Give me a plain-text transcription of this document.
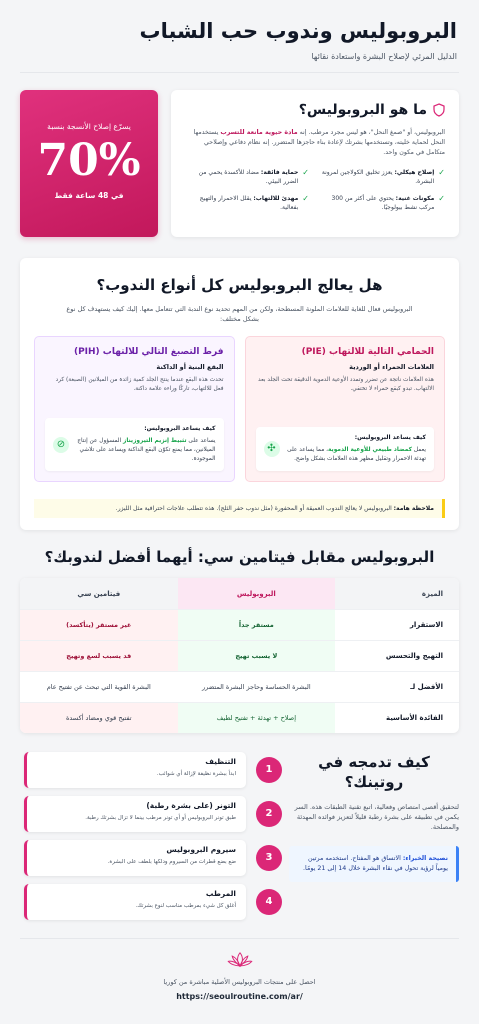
البروبوليس وندوب حب الشباب

الدليل المرئي لإصلاح البشرة واستعادة نقائها

ما هو البروبوليس؟

البروبوليس، أو "صمغ النحل"، هو ليس مجرد مرطب. إنه مادة حيوية مانعة للتسرب يستخدمها النحل لحماية خليته، وتستخدمها بشرتك لإعادة بناء حاجزها المتضرر. إنه نظام دفاعي وإصلاحي متكامل في مكون واحد.

✓
إصلاح هيكلي: يعزز تخليق الكولاجين لمرونة البشرة.
✓
حماية فائقة: مضاد للأكسدة يحمي من الضرر البيئي.
✓
مكونات غنية: يحتوي على أكثر من 300 مركب نشط بيولوجيًا.
✓
مهدئ للالتهاب: يقلل الاحمرار والتهيج بفعالية.
يسرّع إصلاح الأنسجة بنسبة
70%
في 48 ساعة فقط
هل يعالج البروبوليس كل أنواع الندوب؟

البروبوليس فعال للغاية للعلامات الملونة المسطحة، ولكن من المهم تحديد نوع الندبة التي تتعامل معها. إليك كيف يستهدف كل نوع بشكل مختلف:

الحمامي التالية للالتهاب (PIE)
العلامات الحمراء أو الوردية

هذه العلامات ناتجة عن تضرر وتمدد الأوعية الدموية الدقيقة تحت الجلد بعد الالتهاب. تبدو كبقع حمراء لا تختفي.

كيف يساعد البروبوليس:
يعمل كمضاد طبيعي للأوعية الدموية، مما يساعد على تهدئة الاحمرار وتقليل مظهر هذه العلامات بشكل واضح.
✣
فرط التصبغ التالي للالتهاب (PIH)
البقع البنية أو الداكنة

تحدث هذه البقع عندما ينتج الجلد كمية زائدة من الميلانين (الصبغة) كرد فعل للالتهاب، تاركًا وراءه علامة داكنة.

كيف يساعد البروبوليس:
يساعد على تثبيط إنزيم التيروزيناز المسؤول عن إنتاج الميلانين، مما يمنع تكوّن البقع الداكنة ويساعد على تلاشي الموجودة.
⊘
ملاحظة هامة: البروبوليس لا يعالج الندوب العميقة أو المحفورة (مثل ندوب حفر الثلج). هذه تتطلب علاجات احترافية مثل الليزر.
البروبوليس مقابل فيتامين سي: أيهما أفضل لندوبك؟
الميزة
البروبوليس
فيتامين سي
الاستقرار
مستقر جداً
غير مستقر (يتأكسد)
التهيج والتحسس
لا يسبب تهيج
قد يسبب لسع وتهيج
الأفضل لـ
البشرة الحساسة وحاجز البشرة المتضرر
البشرة القوية التي تبحث عن تفتيح عام
الفائدة الأساسية
إصلاح + تهدئة + تفتيح لطيف
تفتيح قوي ومضاد أكسدة
كيف تدمجه في روتينك؟

لتحقيق أقصى امتصاص وفعالية، اتبع تقنية الطبقات هذه. السر يكمن في تطبيقه على بشرة رطبة قليلاً لتعزيز فوائده المهدئة والمصلحة.

نصيحة الخبراء: الاتساق هو المفتاح. استخدمه مرتين يومياً لرؤية تحول في نقاء البشرة خلال 14 إلى 21 يومًا.
1
التنظيف
ابدأ ببشرة نظيفة لإزالة أي شوائب.
2
التونر (على بشرة رطبة)
طبق تونر البروبوليس أو أي تونر مرطب بينما لا تزال بشرتك رطبة.
3
سيروم البروبوليس
ضع بضع قطرات من السيروم ودلكها بلطف على البشرة.
4
المرطب
أغلق كل شيء بمرطب مناسب لنوع بشرتك.
احصل على منتجات البروبوليس الأصلية مباشرة من كوريا
https://seoulroutine.com/ar/
